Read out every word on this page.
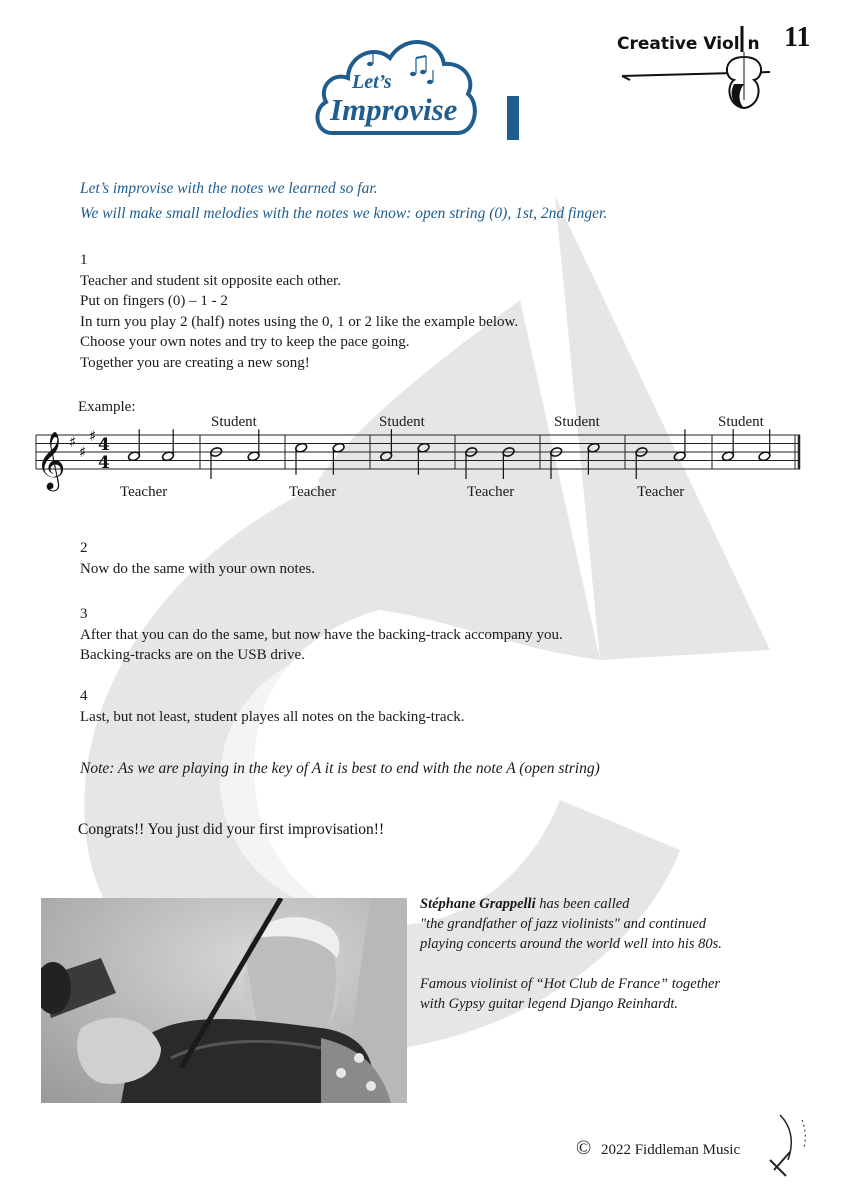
Let’s
Improvise
Creative Viol n 11
Let’s improvise with the notes we learned so far.
We will make small melodies with the notes we know: open string (0), 1st, 2nd finger.
1
Teacher and student sit opposite each other.
Put on fingers (0) – 1 - 2
In turn you play 2 (half) notes using the 0, 1 or 2 like the example below.
Choose your own notes and try to keep the pace going.
Together you are creating a new song!
Example:
𝄞 ♯
♯
♯ 4
4
Teacher
Student
Teacher
Student
Teacher
Student
Teacher
Student
2
Now do the same with your own notes.
3
After that you can do the same, but now have the backing-track accompany you.
Backing-tracks are on the USB drive.
4
Last, but not least, student playes all notes on the backing-track.
Note: As we are playing in the key of A it is best to end with the note A (open string)
Congrats!! You just did your first improvisation!!
Stéphane Grappelli has been called
"the grandfather of jazz violinists" and continued
playing concerts around the world well into his 80s.
Famous violinist of “Hot Club de France” together
with Gypsy guitar legend Django Reinhardt.
© 2022 Fiddleman Music
